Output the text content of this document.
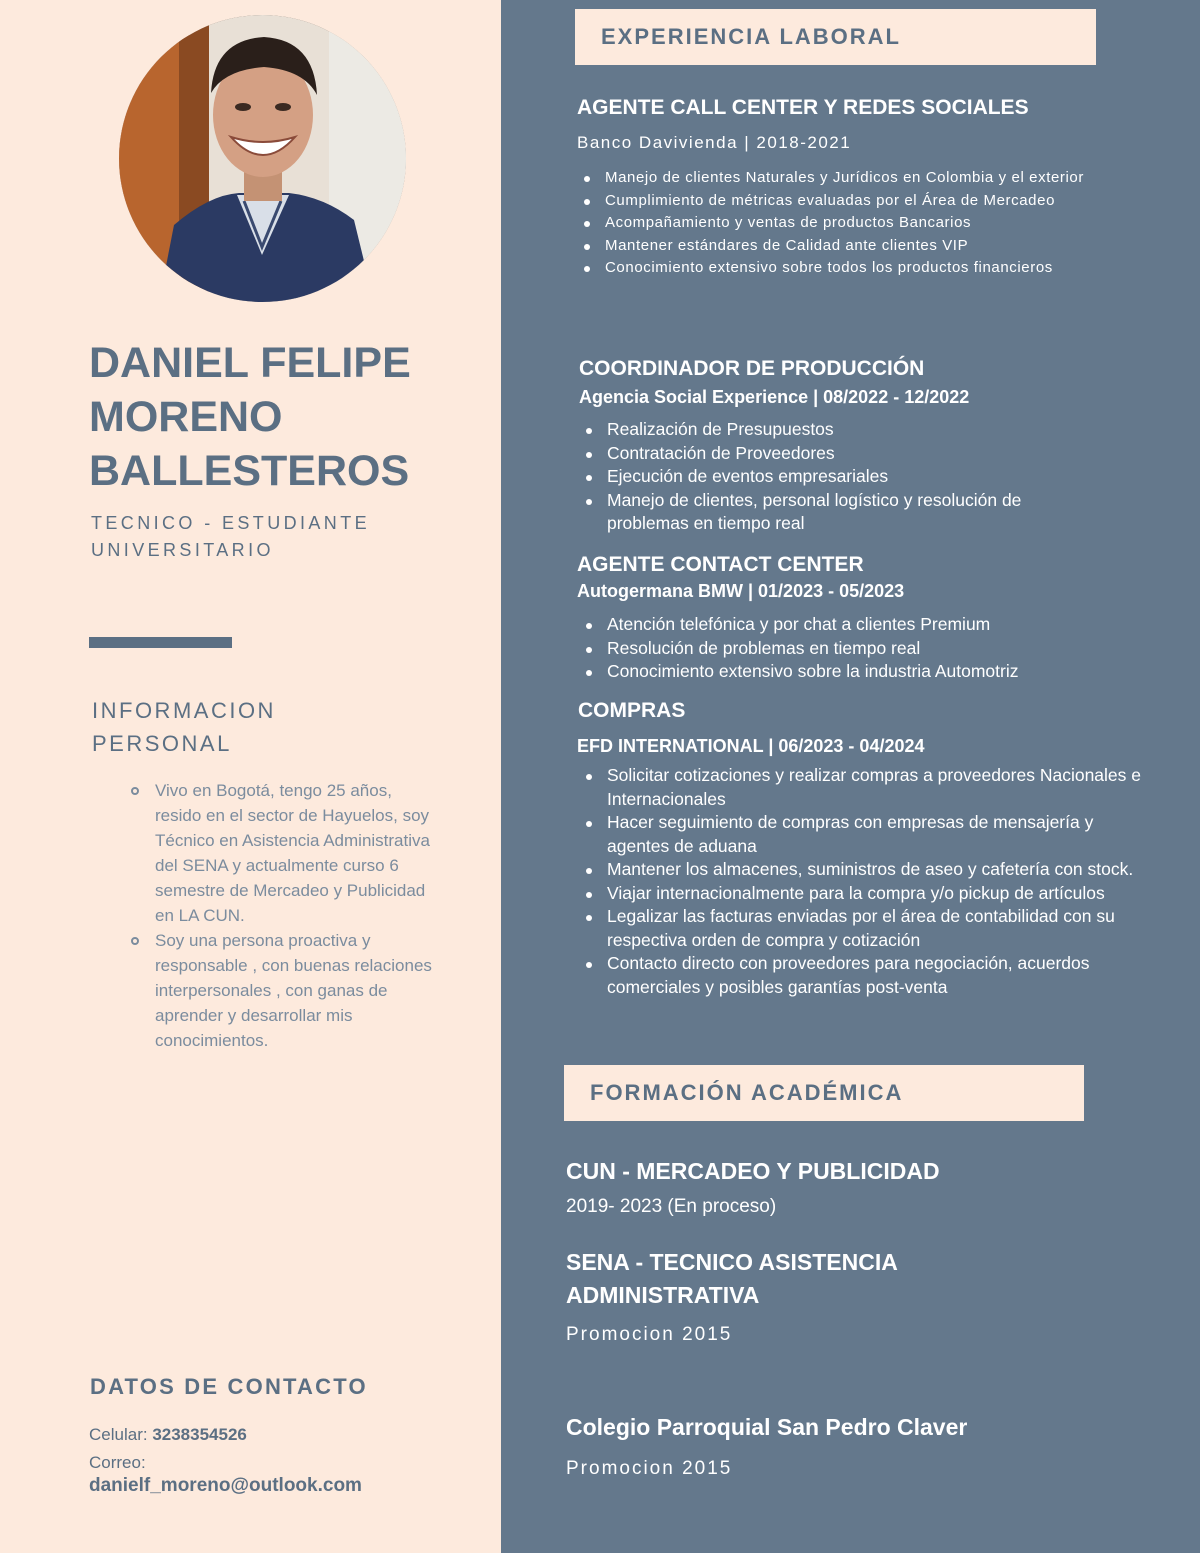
DANIEL FELIPE
MORENO
BALLESTEROS
TECNICO - ESTUDIANTE
UNIVERSITARIO
INFORMACION
PERSONAL
Vivo en Bogotá, tengo 25 años, resido en el sector de Hayuelos, soy Técnico en Asistencia Administrativa del SENA y actualmente curso 6 semestre de Mercadeo y Publicidad en LA CUN.
Soy una persona proactiva y responsable , con buenas relaciones interpersonales , con ganas de aprender y desarrollar mis conocimientos.
DATOS DE CONTACTO
Celular: 3238354526
Correo:
danielf_moreno@outlook.com
EXPERIENCIA LABORAL
AGENTE CALL CENTER Y REDES SOCIALES
Banco Davivienda | 2018-2021
Manejo de clientes Naturales y Jurídicos en Colombia y el exterior
Cumplimiento de métricas evaluadas por el Área de Mercadeo
Acompañamiento y ventas de productos Bancarios
Mantener estándares de Calidad ante clientes VIP
Conocimiento extensivo sobre todos los productos financieros
COORDINADOR DE PRODUCCIÓN
Agencia Social Experience | 08/2022 - 12/2022
Realización de Presupuestos
Contratación de Proveedores
Ejecución de eventos empresariales
Manejo de clientes, personal logístico y resolución de problemas en tiempo real
AGENTE CONTACT CENTER
Autogermana BMW | 01/2023 - 05/2023
Atención telefónica y por chat a clientes Premium
Resolución de problemas en tiempo real
Conocimiento extensivo sobre la industria Automotriz
COMPRAS
EFD INTERNATIONAL | 06/2023 - 04/2024
Solicitar cotizaciones y realizar compras a proveedores Nacionales e Internacionales
Hacer seguimiento de compras con empresas de mensajería y agentes de aduana
Mantener los almacenes, suministros de aseo y cafetería con stock.
Viajar internacionalmente para la compra y/o pickup de artículos
Legalizar las facturas enviadas por el área de contabilidad con su respectiva orden de compra y cotización
Contacto directo con proveedores para negociación, acuerdos comerciales y posibles garantías post-venta
FORMACIÓN ACADÉMICA
CUN - MERCADEO Y PUBLICIDAD
2019- 2023 (En proceso)
SENA - TECNICO ASISTENCIA
ADMINISTRATIVA
Promocion 2015
Colegio Parroquial San Pedro Claver
Promocion 2015
